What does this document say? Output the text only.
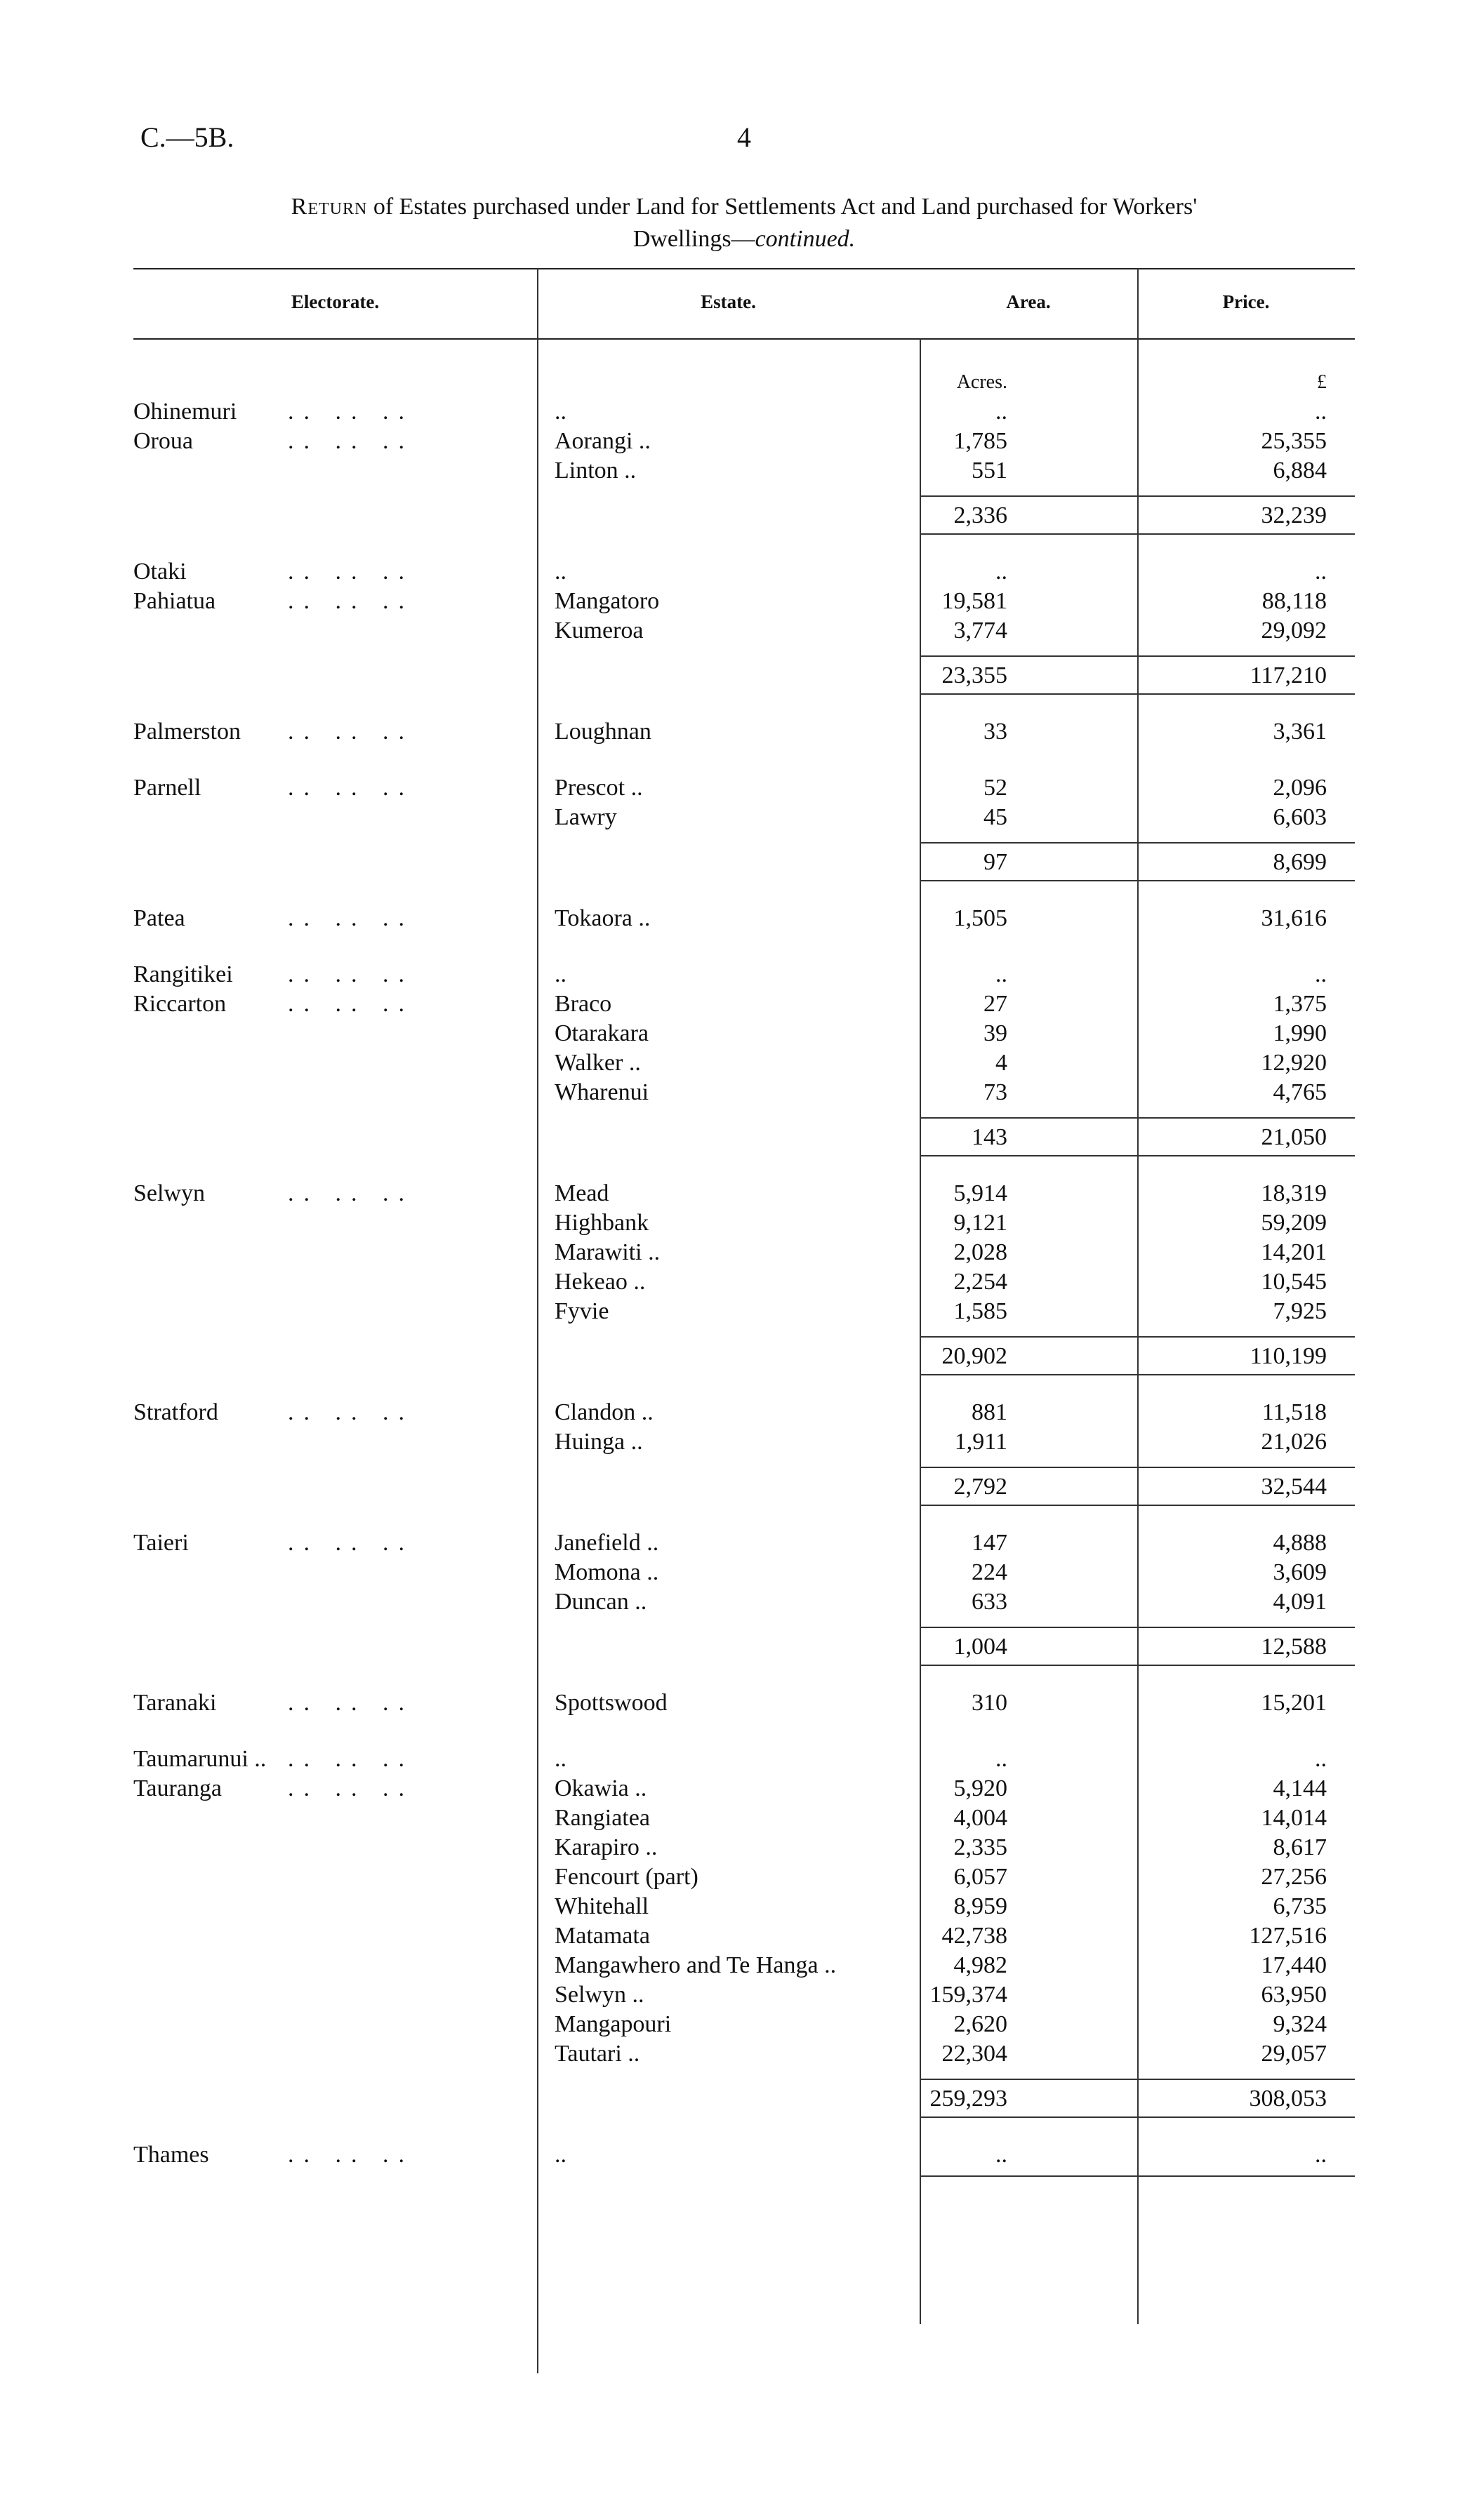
C.—5B.	4
Return of Estates purchased under Land for Settlements Act and Land purchased for Workers'
Dwellings—continued.
Electorate.	Estate.	Area.	Price.
Acres.	£
Ohinemuri .. .. ..	..	..	..
Oroua	.. .. ..	Aorangi ..	1,785	25,355
Linton ..	551	6,884
2,336	32,239
Otaki	.. .. ..	..	..	..
Pahiatua	.. .. ..	Mangatoro	19,581	88,118
Kumeroa	3,774	29,092
23,355	117,210
Palmerston .. .. ..	Loughnan	33	3,361
Parnell	.. .. ..	Prescot ..	52	2,096
Lawry	45	6,603
97	8,699
Patea	.. .. ..	Tokaora ..	1,505	31,616
Rangitikei .. .. ..	..	..	..
Riccarton	.. .. ..	Braco	27	1,375
Otarakara	39	1,990
Walker ..	4	12,920
Wharenui	73	4,765
143	21,050
Selwyn	.. .. ..	Mead	5,914	18,319
Highbank	9,121	59,209
Marawiti ..	2,028	14,201
Hekeao ..	2,254	10,545
Fyvie	1,585	7,925
20,902	110,199
Stratford	.. .. ..	Clandon ..	881	11,518
Huinga ..	1,911	21,026
2,792	32,544
Taieri	.. .. ..	Janefield ..	147	4,888
Momona ..	224	3,609
Duncan ..	633	4,091
1,004	12,588
Taranaki	.. .. ..	Spottswood	310	15,201
Taumarunui .. .. .. ..	..	..	..
Tauranga	.. .. ..	Okawia ..	5,920	4,144
Rangiatea	4,004	14,014
Karapiro ..	2,335	8,617
Fencourt (part)	6,057	27,256
Whitehall	8,959	6,735
Matamata	42,738	127,516
Mangawhero and Te Hanga ..	4,982	17,440
Selwyn ..	159,374	63,950
Mangapouri	2,620	9,324
Tautari ..	22,304	29,057
259,293	308,053
Thames	.. .. ..	..	..	..
